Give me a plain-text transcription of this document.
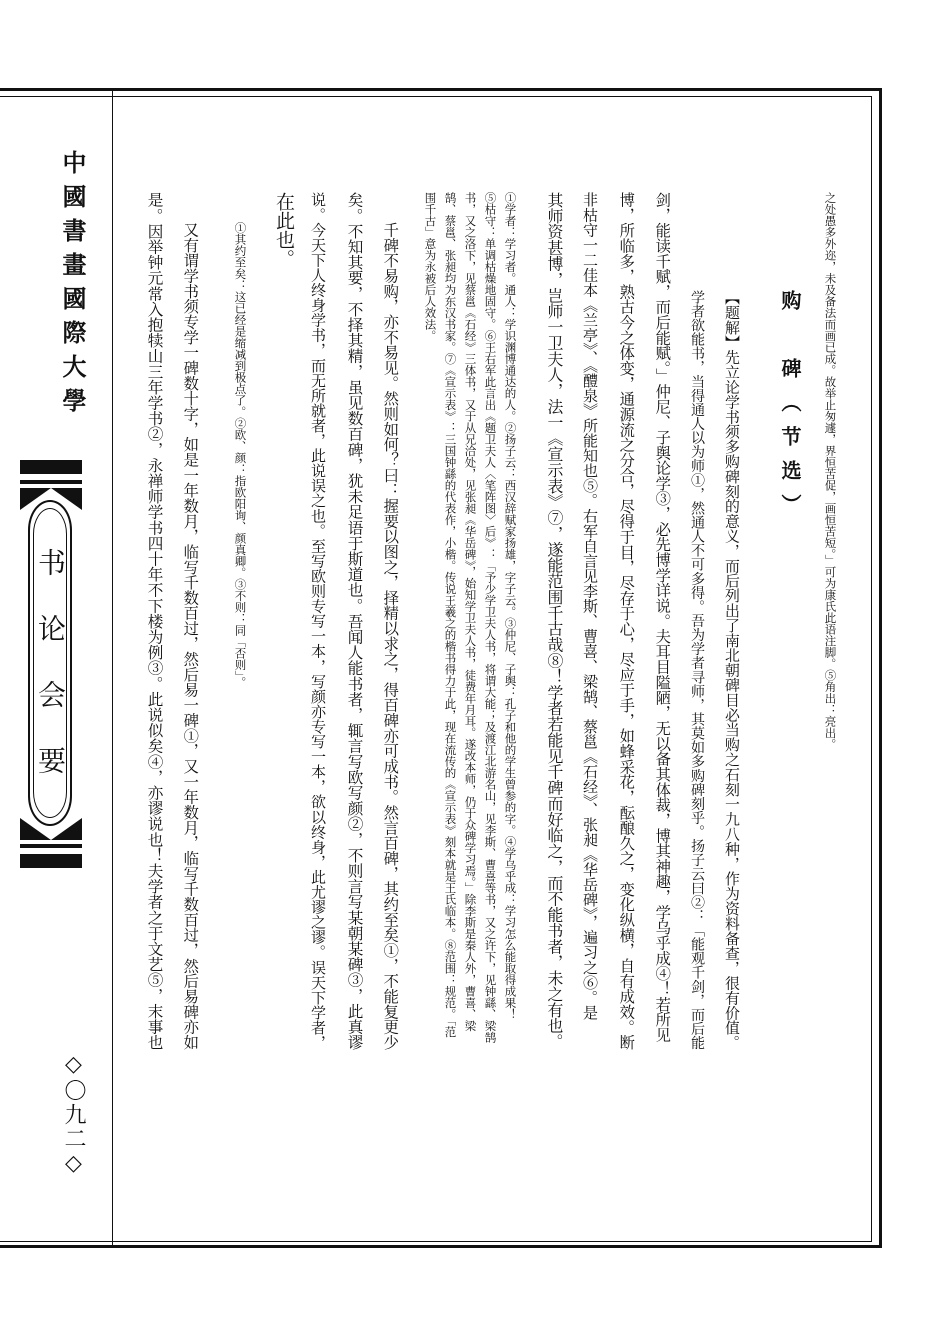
中國書畫國際大學
书论会要
◇〇九二◇
之处愚多外迩，未及备法而画已成。故举止匆遽，界恒苦促，画恒苦短。」可为康氏此语注脚。⑤角出：亮出。
购　碑（节选）
【题解】先立论学书须多购碑刻的意义，而后列出了南北朝碑目必当购之石刻一九八种，作为资料备查，很有价值。
学者欲能书，当得通人以为师①，然通人不可多得。吾为学者寻师，其莫如多购碑刻乎。扬子云曰②：「能观千剑，而后能
剑，能读千赋，而后能赋。」仲尼、子舆论学③，必先博学详说。夫耳目隘陋，无以备其体裁，博其神趣，学乌乎成④！若所见
博，所临多，熟古今之体变，通源流之分合，尽得于目，尽存于心，尽应于手，如蜂采花，酝酿久之，变化纵横，自有成效。断
非枯守一二佳本《兰亭》、《醴泉》所能知也⑤。右军自言见李斯、曹喜、梁鹄、蔡邕《石经》、张昶《华岳碑》，遍习之⑥。是
其师资甚博，岂师一卫夫人，法一《宣示表》⑦，遂能范围千古哉⑧！学者若能见千碑而好临之，而不能书者，未之有也。
①学者：学习者。通人：学识渊博通达的人。②扬子云：西汉辞赋家扬雄，字子云。③仲尼、子舆：孔子和他的学生曾参的字。④学乌乎成：学习怎么能取得成果！
⑤枯守：单调枯燥地固守。⑥王右军此言出《题卫夫人〈笔阵图〉后》：「予少学卫夫人书，将谓大能；及渡江北游名山，见李斯、曹喜等书，又之许下，见钟繇、梁鹄
书，又之洛下，见蔡邕《石经》三体书，又于从兄洽处，见张昶《华岳碑》，始知学卫夫人书，徒费年月耳。遂改本师，仍于众碑学习焉。」除李斯是秦人外，曹喜、梁
鹄、蔡邕、张昶均为东汉书家。⑦《宣示表》：三国钟繇的代表作，小楷。传说王羲之的楷书得力于此，现在流传的《宣示表》刻本就是王氏临本。⑧范围：规范。「范
围千古」意为永被后人效法。
千碑不易购，亦不易见。然则如何？曰：握要以图之，择精以求之，得百碑亦可成书。然言百碑，其约至矣①，不能复更少
矣。不知其要，不择其精，虽见数百碑，犹未足语于斯道也。吾闻人能书者，辄言写欧写颜②，不则言写某朝某碑③，此真谬
说。今天下人终身学书，而无所就者，此说误之也。至写欧则专写一本，写颜亦专写一本，欲以终身，此尤谬之谬。误天下学者，
在此也。
①其约至矣：这已经是缩减到极点了。②欧、颜：指欧阳询、颜真卿。③不则：同「否则」。
又有谓学书须专学一碑数十字，如是一年数月，临写千数百过，然后易一碑①，又一年数月，临写千数百过，然后易碑亦如
是。因举钟元常入抱犊山三年学书②，永禅师学书四十年不下楼为例③。此说似矣④，亦谬说也！夫学者之于文艺⑤，末事也
